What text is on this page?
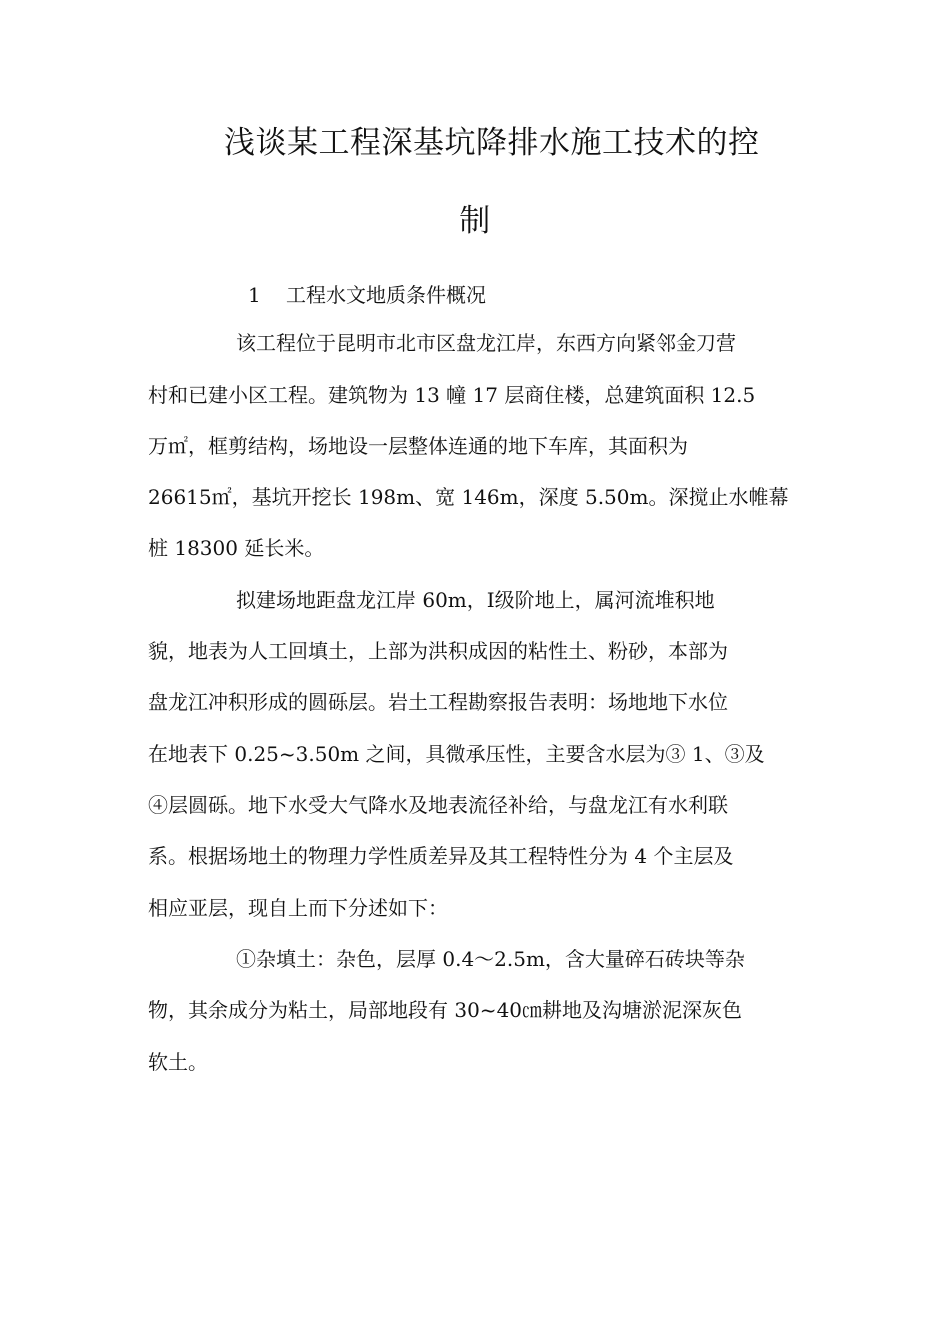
浅谈某工程深基坑降排水施工技术的控
制
1 工程水文地质条件概况
该工程位于昆明市北市区盘龙江岸，东西方向紧邻金刀营
村和已建小区工程。建筑物为 13 幢 17 层商住楼，总建筑面积 12.5
万㎡，框剪结构，场地设一层整体连通的地下车库，其面积为
26615㎡，基坑开挖长 198m、宽 146m，深度 5.50m。深搅止水帷幕
桩 18300 延长米。
拟建场地距盘龙江岸 60m，Ⅰ级阶地上，属河流堆积地
貌，地表为人工回填土，上部为洪积成因的粘性土、粉砂，本部为
盘龙江冲积形成的圆砾层。岩土工程勘察报告表明：场地地下水位
在地表下 0.25~3.50m 之间，具微承压性，主要含水层为③ 1、③及
④层圆砾。地下水受大气降水及地表流径补给，与盘龙江有水利联
系。根据场地土的物理力学性质差异及其工程特性分为 4 个主层及
相应亚层，现自上而下分述如下：
①杂填土：杂色，层厚 0.4～2.5m，含大量碎石砖块等杂
物，其余成分为粘土，局部地段有 30~40㎝耕地及沟塘淤泥深灰色
软土。
